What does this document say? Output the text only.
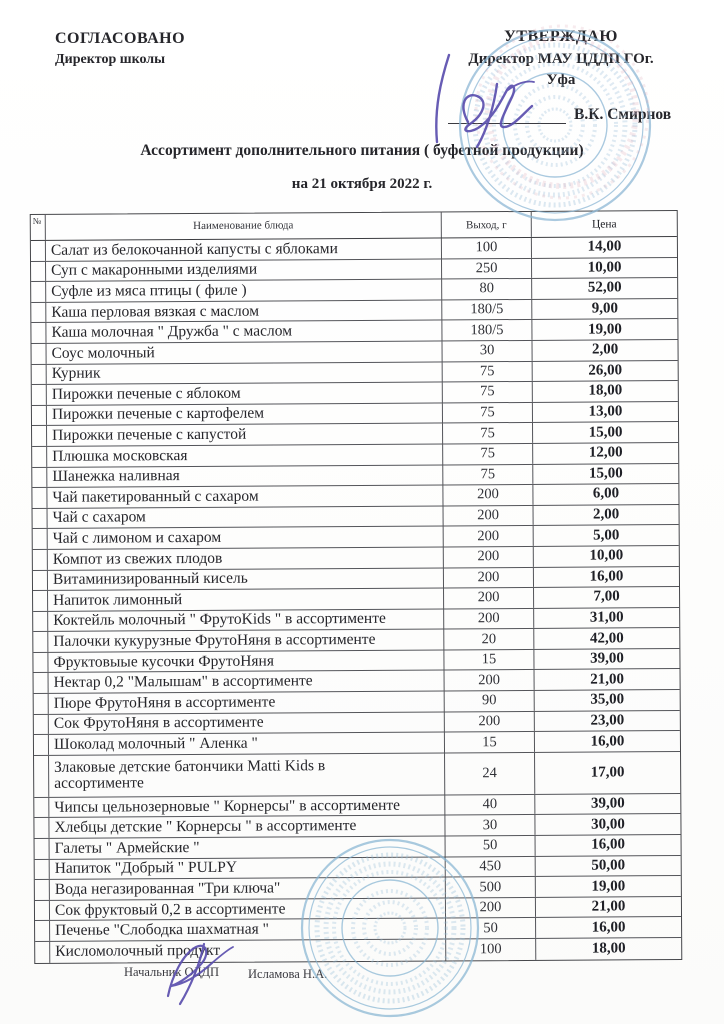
СОГЛАСОВАНО
Директор школы
УТВЕРЖДАЮ
Директор МАУ ЦДДП ГОг.
Уфа
В.К. Смирнов
Ассортимент дополнительного питания ( буфетной продукции)
на 21 октября 2022 г.
№	Наименование блюда	Выход, г	Цена
Салат из белокочанной капусты с яблоками	100	14,00
Суп с макаронными изделиями	250	10,00
Суфле из мяса птицы ( филе )	80	52,00
Каша перловая вязкая с маслом	180/5	9,00
Каша молочная " Дружба " с маслом	180/5	19,00
Соус молочный	30	2,00
Курник	75	26,00
Пирожки печеные с яблоком	75	18,00
Пирожки печеные с картофелем	75	13,00
Пирожки печеные с капустой	75	15,00
Плюшка московская	75	12,00
Шанежка наливная	75	15,00
Чай пакетированный с сахаром	200	6,00
Чай с сахаром	200	2,00
Чай с лимоном и сахаром	200	5,00
Компот из свежих плодов	200	10,00
Витаминизированный кисель	200	16,00
Напиток лимонный	200	7,00
Коктейль молочный " ФрутоKids " в ассортименте	200	31,00
Палочки кукурузные ФрутоНяня в ассортименте	20	42,00
Фруктовыые кусочки ФрутоНяня	15	39,00
Нектар 0,2 "Малышам" в ассортименте	200	21,00
Пюре ФрутоНяня в ассортименте	90	35,00
Сок ФрутоНяня в ассортименте	200	23,00
Шоколад молочный " Аленка "	15	16,00
Злаковые детские батончики Matti Kids в
ассортименте
24	17,00
Чипсы цельнозерновые " Корнерсы" в ассортименте	40	39,00
Хлебцы детские " Корнерсы " в ассортименте	30	30,00
Галеты " Армейские "	50	16,00
Напиток "Добрый " PULPY	450	50,00
Вода негазированная "Три ключа"	500	19,00
Сок фруктовый 0,2 в ассортименте	200	21,00
Печенье "Слободка шахматная "	50	16,00
Кисломолочный продукт	100	18,00
Начальник ОДДП Исламова Н.А.
